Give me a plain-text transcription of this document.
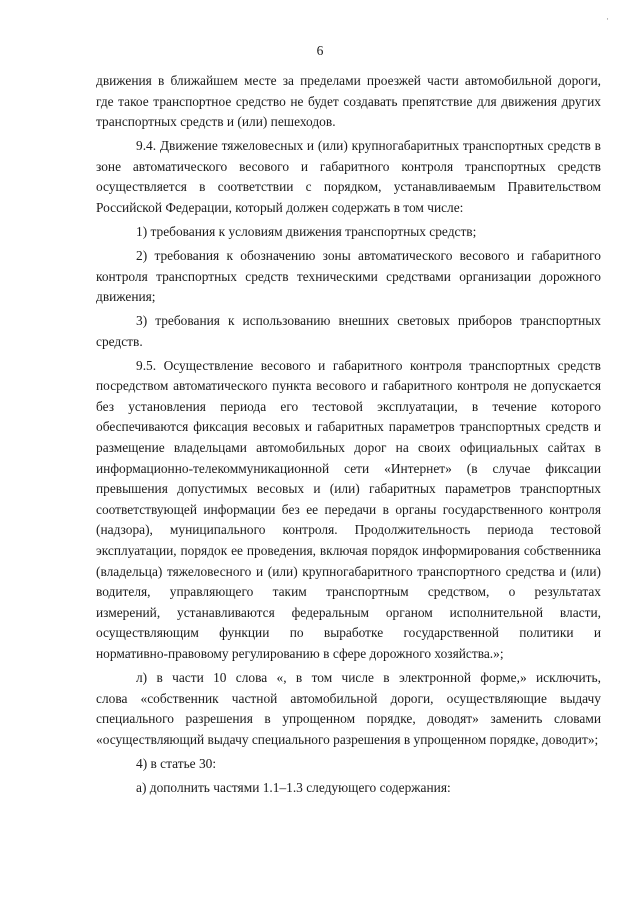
·
6
движения в ближайшем месте за пределами проезжей части автомобильной дороги,
где такое транспортное средство не будет создавать препятствие для движения других
транспортных средств и (или) пешеходов.
9.4. Движение тяжеловесных и (или) крупногабаритных транспортных средств в
зоне автоматического весового и габаритного контроля транспортных средств
осуществляется в соответствии с порядком, устанавливаемым Правительством
Российской Федерации, который должен содержать в том числе:
1) требования к условиям движения транспортных средств;
2) требования к обозначению зоны автоматического весового и габаритного
контроля транспортных средств техническими средствами организации дорожного
движения;
3) требования к использованию внешних световых приборов транспортных
средств.
9.5. Осуществление весового и габаритного контроля транспортных средств
посредством автоматического пункта весового и габаритного контроля не допускается
без установления периода его тестовой эксплуатации, в течение которого
обеспечиваются фиксация весовых и габаритных параметров транспортных средств и
размещение владельцами автомобильных дорог на своих официальных сайтах в
информационно-телекоммуникационной сети «Интернет» (в случае фиксации
превышения допустимых весовых и (или) габаритных параметров транспортных
соответствующей информации без ее передачи в органы государственного контроля
(надзора), муниципального контроля. Продолжительность периода тестовой
эксплуатации, порядок ее проведения, включая порядок информирования собственника
(владельца) тяжеловесного и (или) крупногабаритного транспортного средства и (или)
водителя, управляющего таким транспортным средством, о результатах
измерений, устанавливаются федеральным органом исполнительной власти,
осуществляющим функции по выработке государственной политики и
нормативно-правовому регулированию в сфере дорожного хозяйства.»;
л) в части 10 слова «, в том числе в электронной форме,» исключить,
слова «собственник частной автомобильной дороги, осуществляющие выдачу
специального разрешения в упрощенном порядке, доводят» заменить словами
«осуществляющий выдачу специального разрешения в упрощенном порядке, доводит»;
4) в статье 30:
а) дополнить частями 1.1–1.3 следующего содержания:
